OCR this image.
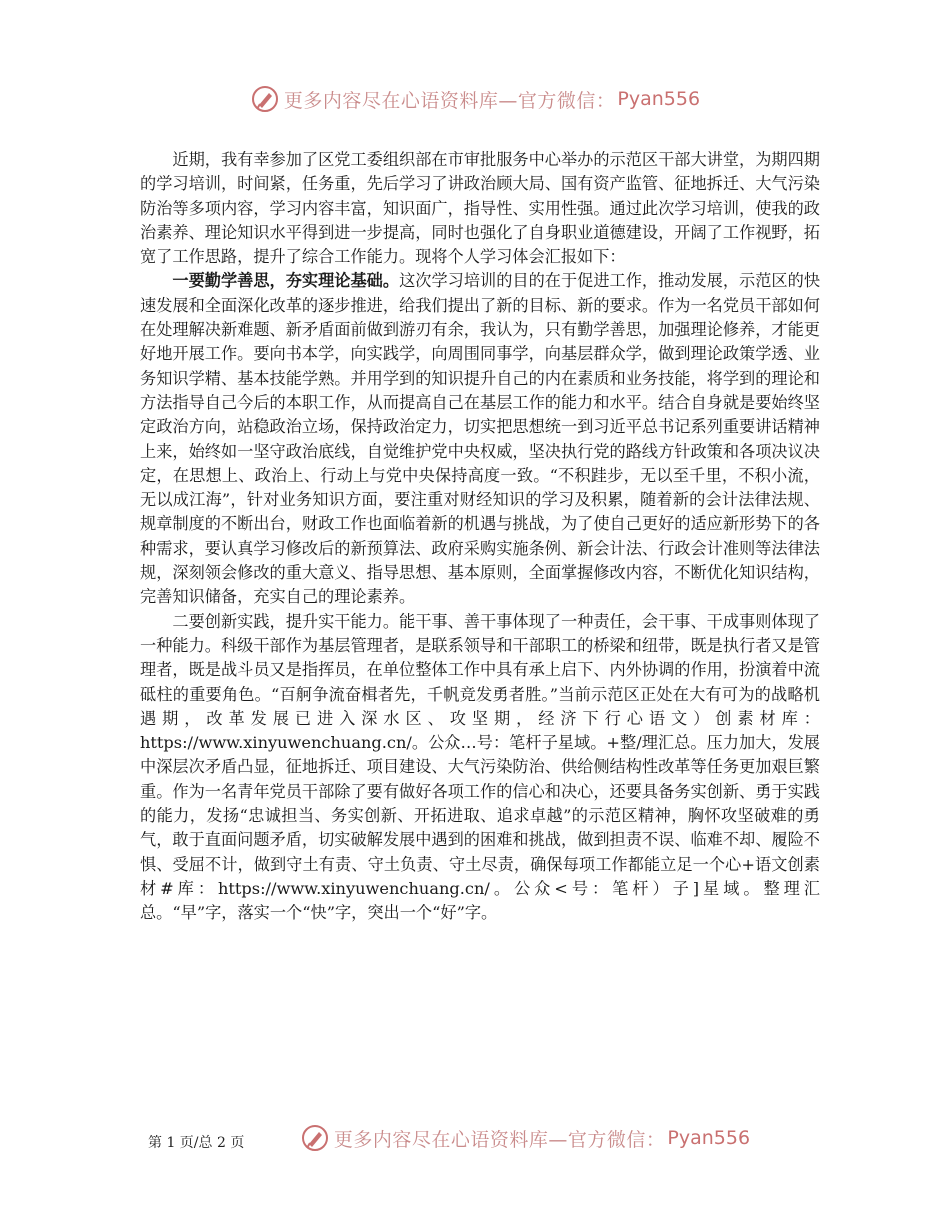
更多内容尽在心语资料库—官方微信： Pyan556

近期，我有幸参加了区党工委组织部在市审批服务中心举办的示范区干部大讲堂，为期四期的学习培训，时间紧，任务重，先后学习了讲政治顾大局、国有资产监管、征地拆迁、大气污染防治等多项内容，学习内容丰富，知识面广，指导性、实用性强。通过此次学习培训，使我的政治素养、理论知识水平得到进一步提高，同时也强化了自身职业道德建设，开阔了工作视野，拓宽了工作思路，提升了综合工作能力。现将个人学习体会汇报如下：

一要勤学善思，夯实理论基础。这次学习培训的目的在于促进工作，推动发展，示范区的快速发展和全面深化改革的逐步推进，给我们提出了新的目标、新的要求。作为一名党员干部如何在处理解决新难题、新矛盾面前做到游刃有余，我认为，只有勤学善思，加强理论修养，才能更好地开展工作。要向书本学，向实践学，向周围同事学，向基层群众学，做到理论政策学透、业务知识学精、基本技能学熟。并用学到的知识提升自己的内在素质和业务技能，将学到的理论和方法指导自己今后的本职工作，从而提高自己在基层工作的能力和水平。结合自身就是要始终坚定政治方向，站稳政治立场，保持政治定力，切实把思想统一到习近平总书记系列重要讲话精神上来，始终如一坚守政治底线，自觉维护党中央权威，坚决执行党的路线方针政策和各项决议决定，在思想上、政治上、行动上与党中央保持高度一致。“不积跬步，无以至千里，不积小流，无以成江海”，针对业务知识方面，要注重对财经知识的学习及积累，随着新的会计法律法规、规章制度的不断出台，财政工作也面临着新的机遇与挑战，为了使自己更好的适应新形势下的各种需求，要认真学习修改后的新预算法、政府采购实施条例、新会计法、行政会计准则等法律法规，深刻领会修改的重大意义、指导思想、基本原则，全面掌握修改内容，不断优化知识结构，完善知识储备，充实自己的理论素养。

二要创新实践，提升实干能力。能干事、善干事体现了一种责任，会干事、干成事则体现了一种能力。科级干部作为基层管理者，是联系领导和干部职工的桥梁和纽带，既是执行者又是管理者，既是战斗员又是指挥员，在单位整体工作中具有承上启下、内外协调的作用，扮演着中流砥柱的重要角色。“百舸争流奋楫者先，千帆竞发勇者胜。”当前示范区正处在大有可为的战略机遇期，改革发展已进入深水区、攻坚期，经济下行心语文）创素材库：https://www.xinyuwenchuang.cn/。公众…号：笔杆子星域。+整/理汇总。压力加大，发展中深层次矛盾凸显，征地拆迁、项目建设、大气污染防治、供给侧结构性改革等任务更加艰巨繁重。作为一名青年党员干部除了要有做好各项工作的信心和决心，还要具备务实创新、勇于实践的能力，发扬“忠诚担当、务实创新、开拓进取、追求卓越”的示范区精神，胸怀攻坚破难的勇气，敢于直面问题矛盾，切实破解发展中遇到的困难和挑战，做到担责不误、临难不却、履险不惧、受屈不计，做到守土有责、守土负责、守土尽责，确保每项工作都能立足一个心+语文创素材#库：https://www.xinyuwenchuang.cn/。公众<号：笔杆）子]星域。整理汇总。“早”字，落实一个“快”字，突出一个“好”字。

更多内容尽在心语资料库—官方微信： Pyan556
第 1 页/总 2 页
